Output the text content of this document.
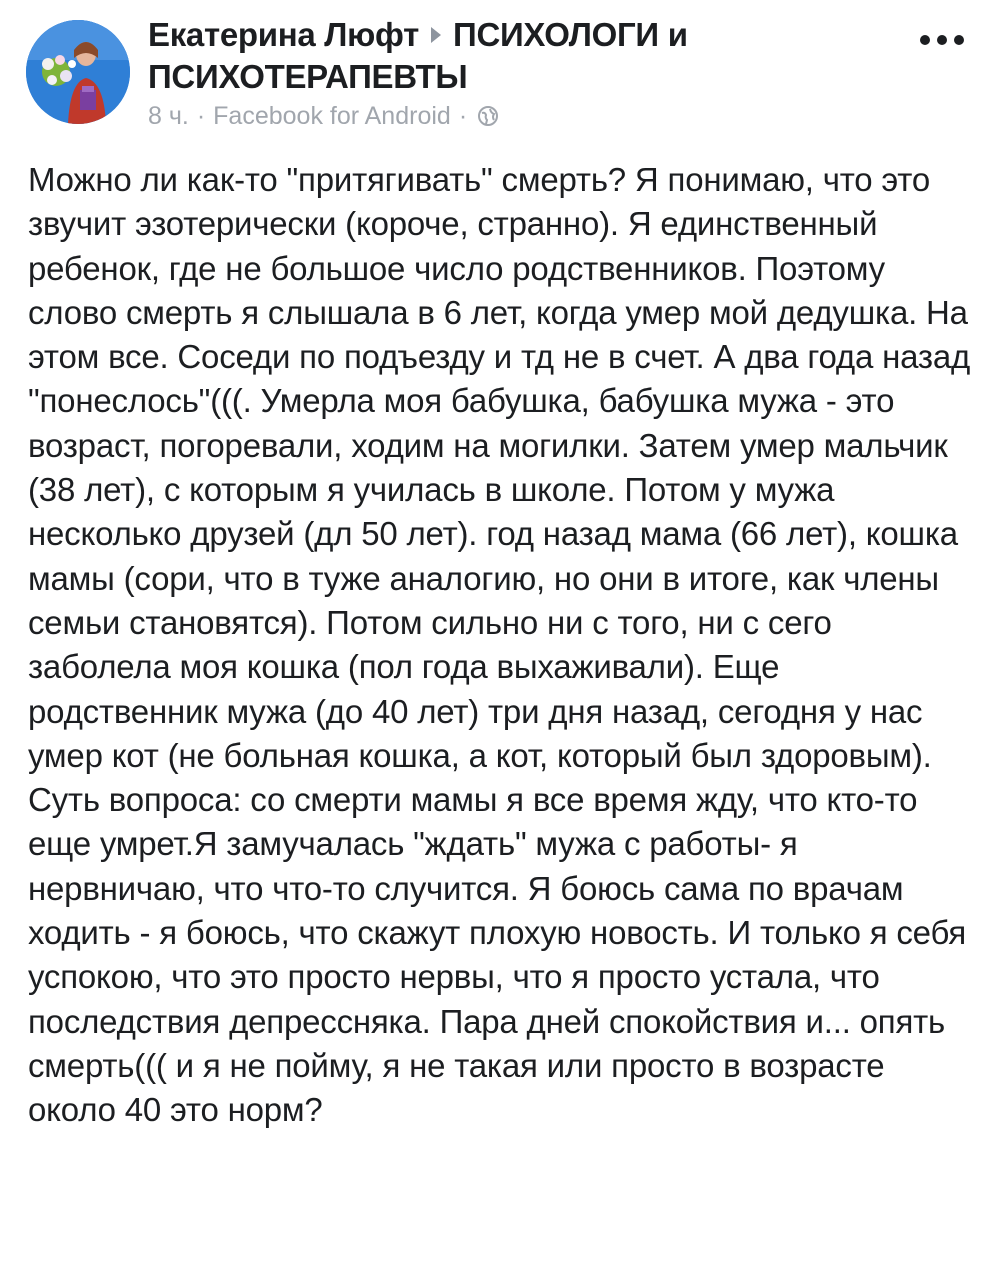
Екатерина Люфт ПСИХОЛОГИ и ПСИХОТЕРАПЕВТЫ
8 ч. · Facebook for Android ·
Можно ли как-то "притягивать" смерть? Я понимаю, что это звучит эзотерически (короче, странно). Я единственный ребенок, где не большое число родственников. Поэтому слово смерть я слышала в 6 лет, когда умер мой дедушка. На этом все. Соседи по подъезду и тд не в счет. А два года назад "понеслось"(((. Умерла моя бабушка, бабушка мужа - это возраст, погоревали, ходим на могилки. Затем умер мальчик (38 лет), с которым я училась в школе. Потом у мужа несколько друзей (дл 50 лет). год назад мама (66 лет), кошка мамы (сори, что в туже аналогию, но они в итоге, как члены семьи становятся). Потом сильно ни с того, ни с сего заболела моя кошка (пол года выхаживали). Еще родственник мужа (до 40 лет) три дня назад, сегодня у нас умер кот (не больная кошка, а кот, который был здоровым). Суть вопроса: со смерти мамы я все время жду, что кто-то еще умрет.Я замучалась "ждать" мужа с работы- я нервничаю, что что-то случится. Я боюсь сама по врачам ходить - я боюсь, что скажут плохую новость. И только я себя успокою, что это просто нервы, что я просто устала, что последствия депрессняка. Пара дней спокойствия и... опять смерть((( и я не пойму, я не такая или просто в возрасте около 40 это норм?
